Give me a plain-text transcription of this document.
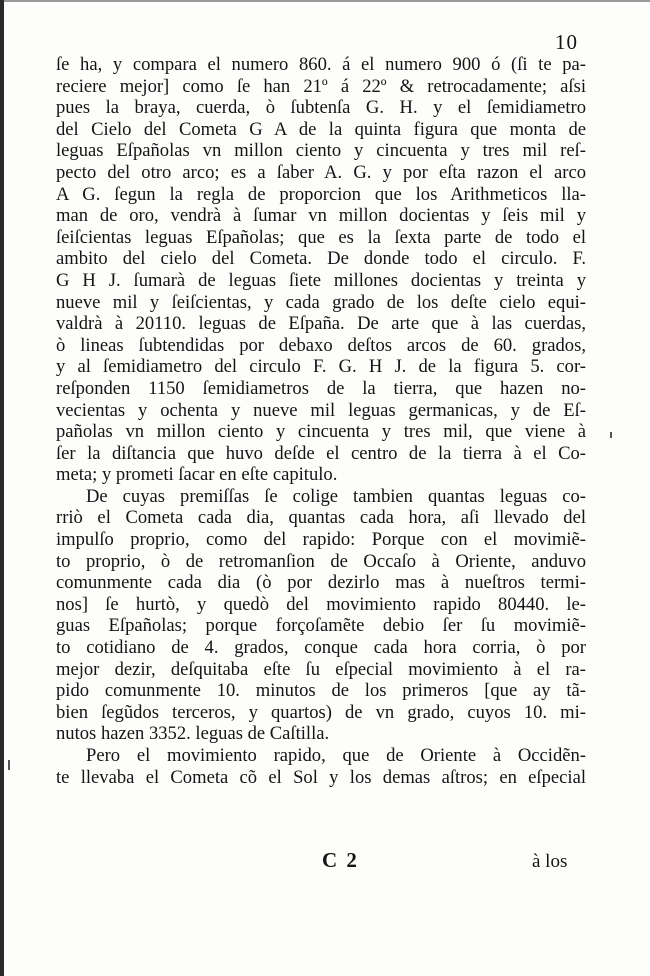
10
ſe ha, y compara el numero 860. á el numero 900 ó (ſi te pa-
reciere mejor] como ſe han 21º á 22º & retrocadamente; aſsi
pues la braya, cuerda, ò ſubtenſa G. H. y el ſemidiametro
del Cielo del Cometa G A de la quinta figura que monta de
leguas Eſpañolas vn millon ciento y cincuenta y tres mil reſ-
pecto del otro arco; es a ſaber A. G. y por eſta razon el arco
A G. ſegun la regla de proporcion que los Arithmeticos lla-
man de oro, vendrà à ſumar vn millon docientas y ſeis mil y
ſeiſcientas leguas Eſpañolas; que es la ſexta parte de todo el
ambito del cielo del Cometa. De donde todo el circulo. F.
G H J. ſumarà de leguas ſiete millones docientas y treinta y
nueve mil y ſeiſcientas, y cada grado de los deſte cielo equi-
valdrà à 20110. leguas de Eſpaña. De arte que à las cuerdas,
ò lineas ſubtendidas por debaxo deſtos arcos de 60. grados,
y al ſemidiametro del circulo F. G. H J. de la figura 5. cor-
reſponden 1150 ſemidiametros de la tierra, que hazen no-
vecientas y ochenta y nueve mil leguas germanicas, y de Eſ-
pañolas vn millon ciento y cincuenta y tres mil, que viene à
ſer la diſtancia que huvo deſde el centro de la tierra à el Co-
meta; y prometi ſacar en eſte capitulo.
De cuyas premiſſas ſe colige tambien quantas leguas co-
rriò el Cometa cada dia, quantas cada hora, aſi llevado del
impulſo proprio, como del rapido: Porque con el movimiẽ-
to proprio, ò de retromanſion de Occaſo à Oriente, anduvo
comunmente cada dia (ò por dezirlo mas à nueſtros termi-
nos] ſe hurtò, y quedò del movimiento rapido 80440. le-
guas Eſpañolas; porque forçoſamẽte debio ſer ſu movimiẽ-
to cotidiano de 4. grados, conque cada hora corria, ò por
mejor dezir, deſquitaba eſte ſu eſpecial movimiento à el ra-
pido comunmente 10. minutos de los primeros [que ay tã-
bien ſegũdos terceros, y quartos) de vn grado, cuyos 10. mi-
nutos hazen 3352. leguas de Caſtilla.
Pero el movimiento rapido, que de Oriente à Occidẽn-
te llevaba el Cometa cõ el Sol y los demas aſtros; en eſpecial
C 2	à los
